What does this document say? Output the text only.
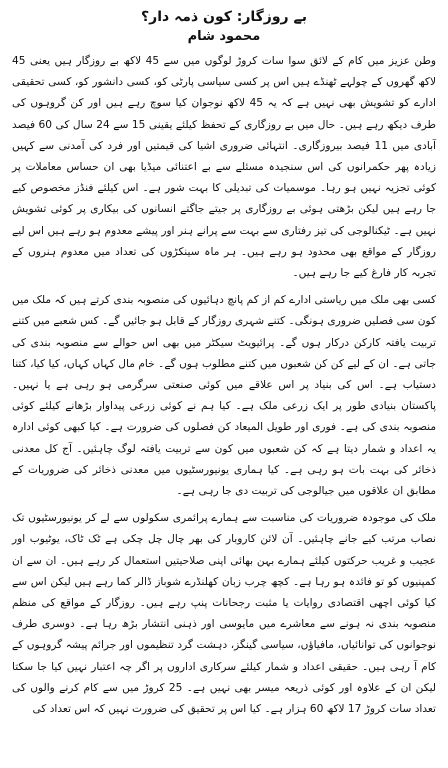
بے روزگار: کون ذمہ دار؟
محمود شام

وطن عزیز میں کام کے لائق سوا سات کروڑ لوگوں میں سے 45 لاکھ بے روزگار ہیں یعنی 45 لاکھ گھروں کے چولہے ٹھنڈے ہیں اس پر کسی سیاسی پارٹی کو، کسی دانشور کو، کسی تحقیقی ادارے کو تشویش بھی نہیں ہے کہ یہ 45 لاکھ نوجوان کیا سوچ رہے ہیں اور کن گروہوں کی طرف دیکھ رہے ہیں۔ حال میں بے روزگاری کے تحفظ کیلئے یقینی 15 سے 24 سال کی 60 فیصد آبادی میں 11 فیصد بیروزگاری۔ انتہائی ضروری اشیا کی قیمتیں اور فرد کی آمدنی سے کہیں زیادہ پھر حکمرانوں کی اس سنجیدہ مسئلے سے بے اعتنائی میڈیا بھی ان حساس معاملات پر کوئی تجزیہ نہیں ہو رہا۔ موسمیات کی تبدیلی کا بہت شور ہے۔ اس کیلئے فنڈز مخصوص کیے جا رہے ہیں لیکن بڑھتی ہوئی بے روزگاری پر جیتے جاگتے انسانوں کی بیکاری پر کوئی تشویش نہیں ہے۔ ٹیکنالوجی کی تیز رفتاری سے بہت سے پرانے ہنر اور پیشے معدوم ہو رہے ہیں اس لیے روزگار کے مواقع بھی محدود ہو رہے ہیں۔ ہر ماہ سینکڑوں کی تعداد میں معدوم ہنروں کے تجربہ کار فارغ کیے جا رہے ہیں۔

کسی بھی ملک میں ریاستی ادارے کم از کم پانچ دہائیوں کی منصوبہ بندی کرتے ہیں کہ ملک میں کون سی فصلیں ضروری ہونگی۔ کتنے شہری روزگار کے قابل ہو جائیں گے۔ کس شعبے میں کتنے تربیت یافتہ کارکن درکار ہوں گے۔ پرائیویٹ سیکٹر میں بھی اس حوالے سے منصوبہ بندی کی جاتی ہے۔ ان کے لیے کن کن شعبوں میں کتنے مطلوب ہوں گے۔ خام مال کہاں کہاں، کیا کیا، کتنا دستیاب ہے۔ اس کی بنیاد پر اس علاقے میں کوئی صنعتی سرگرمی ہو رہی ہے یا نہیں۔ پاکستان بنیادی طور پر ایک زرعی ملک ہے۔ کیا ہم نے کوئی زرعی پیداوار بڑھانے کیلئے کوئی منصوبہ بندی کی ہے۔ فوری اور طویل المیعاد کن فصلوں کی ضرورت ہے۔ کیا کبھی کوئی ادارہ یہ اعداد و شمار دیتا ہے کہ کن شعبوں میں کون سے تربیت یافتہ لوگ چاہئیں۔ آج کل معدنی ذخائر کی بہت بات ہو رہی ہے۔ کیا ہماری یونیورسٹیوں میں معدنی ذخائر کی ضروریات کے مطابق ان علاقوں میں جیالوجی کی تربیت دی جا رہی ہے۔

ملک کی موجودہ ضروریات کی مناسبت سے ہمارے پرائمری سکولوں سے لے کر یونیورسٹیوں تک نصاب مرتب کیے جانے چاہئیں۔ آن لائن کاروبار کی بھر چال چل چکی ہے ٹک ٹاک، یوٹیوب اور عجیب و غریب حرکتوں کیلئے ہمارے بہن بھائی اپنی صلاحیتیں استعمال کر رہے ہیں۔ ان سے ان کمپنیوں کو تو فائدہ ہو رہا ہے۔ کچھ چرب زبان کھلنڈرے شوباز ڈالر کما رہے ہیں لیکن اس سے کیا کوئی اچھی اقتصادی روایات یا مثبت رجحانات پنپ رہے ہیں۔ روزگار کے مواقع کی منظم منصوبہ بندی نہ ہونے سے معاشرے میں مایوسی اور ذہنی انتشار بڑھ رہا ہے۔ دوسری طرف نوجوانوں کی توانائیاں، مافیاؤں، سیاسی گینگز، دہشت گرد تنظیموں اور جرائم پیشہ گروہوں کے کام آ رہی ہیں۔ حقیقی اعداد و شمار کیلئے سرکاری اداروں پر اگر چہ اعتبار نہیں کیا جا سکتا لیکن ان کے علاوہ اور کوئی ذریعہ میسر بھی نہیں ہے۔ 25 کروڑ میں سے کام کرنے والوں کی تعداد سات کروڑ 17 لاکھ 60 ہزار ہے۔ کیا اس پر تحقیق کی ضرورت نہیں کہ اس تعداد کی
